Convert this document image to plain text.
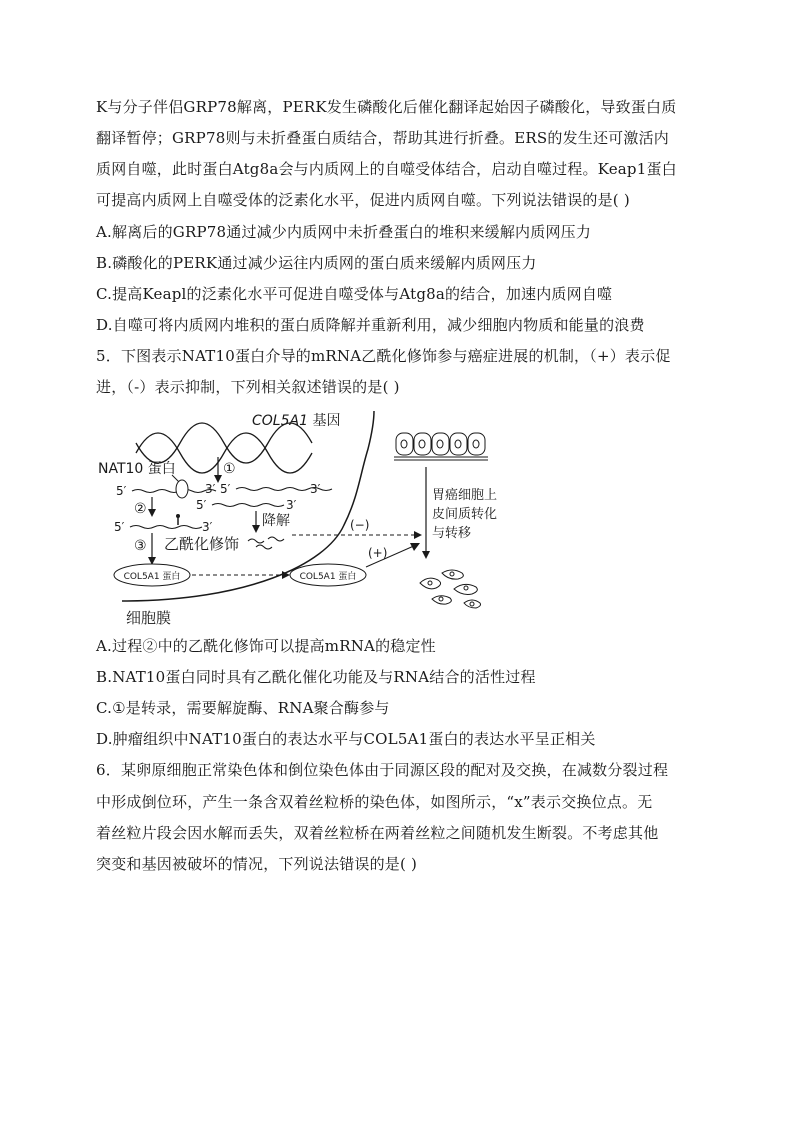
K与分子伴侣GRP78解离，PERK发生磷酸化后催化翻译起始因子磷酸化，导致蛋白质
翻译暂停；GRP78则与未折叠蛋白质结合，帮助其进行折叠。ERS的发生还可激活内
质网自噬，此时蛋白Atg8a会与内质网上的自噬受体结合，启动自噬过程。Keap1蛋白
可提高内质网上自噬受体的泛素化水平，促进内质网自噬。下列说法错误的是( )
A.解离后的GRP78通过减少内质网中未折叠蛋白的堆积来缓解内质网压力
B.磷酸化的PERK通过减少运往内质网的蛋白质来缓解内质网压力
C.提高Keapl的泛素化水平可促进自噬受体与Atg8a的结合，加速内质网自噬
D.自噬可将内质网内堆积的蛋白质降解并重新利用，减少细胞内物质和能量的浪费
5．下图表示NAT10蛋白介导的mRNA乙酰化修饰参与癌症进展的机制，（+）表示促
进，（-）表示抑制，下列相关叙述错误的是( )
COL5A1 基因
①
NAT10 蛋白
5′	3′ 5′	3′
②	5′	3′
降解
5′	3′
③ 乙酰化修饰
COL5A1 蛋白	COL5A1 蛋白
细胞膜
(−)
(+)
胃癌细胞上
皮间质转化
与转移
A.过程②中的乙酰化修饰可以提高mRNA的稳定性
B.NAT10蛋白同时具有乙酰化催化功能及与RNA结合的活性过程
C.①是转录，需要解旋酶、RNA聚合酶参与
D.肿瘤组织中NAT10蛋白的表达水平与COL5A1蛋白的表达水平呈正相关
6．某卵原细胞正常染色体和倒位染色体由于同源区段的配对及交换，在减数分裂过程
中形成倒位环，产生一条含双着丝粒桥的染色体，如图所示，“x”表示交换位点。无
着丝粒片段会因水解而丢失，双着丝粒桥在两着丝粒之间随机发生断裂。不考虑其他
突变和基因被破坏的情况，下列说法错误的是( )
